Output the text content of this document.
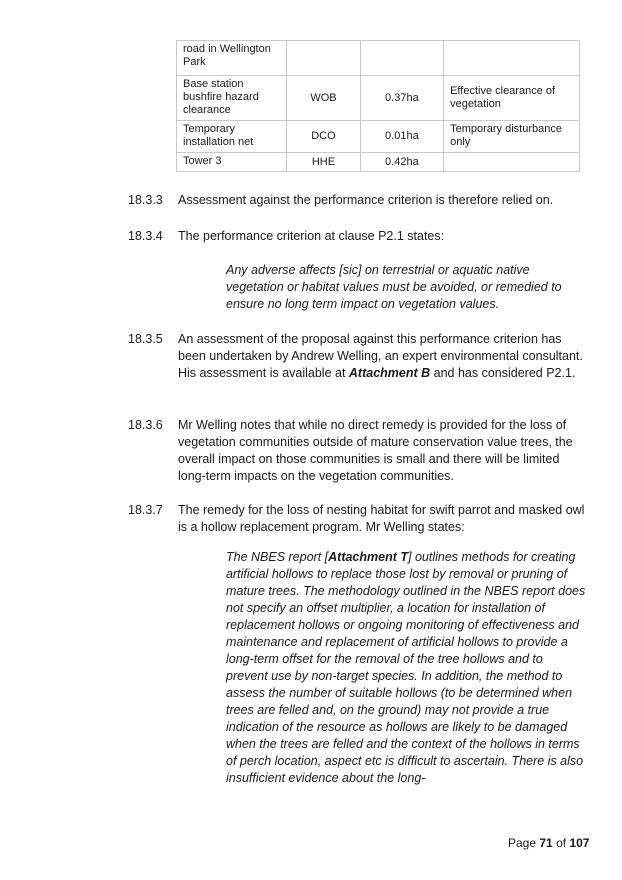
road in Wellington Park			
Base station bushfire hazard clearance	WOB	0.37ha	Effective clearance of vegetation
Temporary installation net	DCO	0.01ha	Temporary disturbance only
Tower 3	HHE	0.42ha	
18.3.3	Assessment against the performance criterion is therefore relied on.
18.3.4	The performance criterion at clause P2.1 states:
Any adverse affects [sic] on terrestrial or aquatic native vegetation or habitat values must be avoided, or remedied to ensure no long term impact on vegetation values.
18.3.5	An assessment of the proposal against this performance criterion has been undertaken by Andrew Welling, an expert environmental consultant. His assessment is available at Attachment B and has considered P2.1.
18.3.6	Mr Welling notes that while no direct remedy is provided for the loss of vegetation communities outside of mature conservation value trees, the overall impact on those communities is small and there will be limited long-term impacts on the vegetation communities.
18.3.7	The remedy for the loss of nesting habitat for swift parrot and masked owl is a hollow replacement program. Mr Welling states:
The NBES report [Attachment T] outlines methods for creating artificial hollows to replace those lost by removal or pruning of mature trees. The methodology outlined in the NBES report does not specify an offset multiplier, a location for installation of replacement hollows or ongoing monitoring of effectiveness and maintenance and replacement of artificial hollows to provide a long-term offset for the removal of the tree hollows and to prevent use by non-target species. In addition, the method to assess the number of suitable hollows (to be determined when trees are felled and, on the ground) may not provide a true indication of the resource as hollows are likely to be damaged when the trees are felled and the context of the hollows in terms of perch location, aspect etc is difficult to ascertain. There is also insufficient evidence about the long-
Page 71 of 107
